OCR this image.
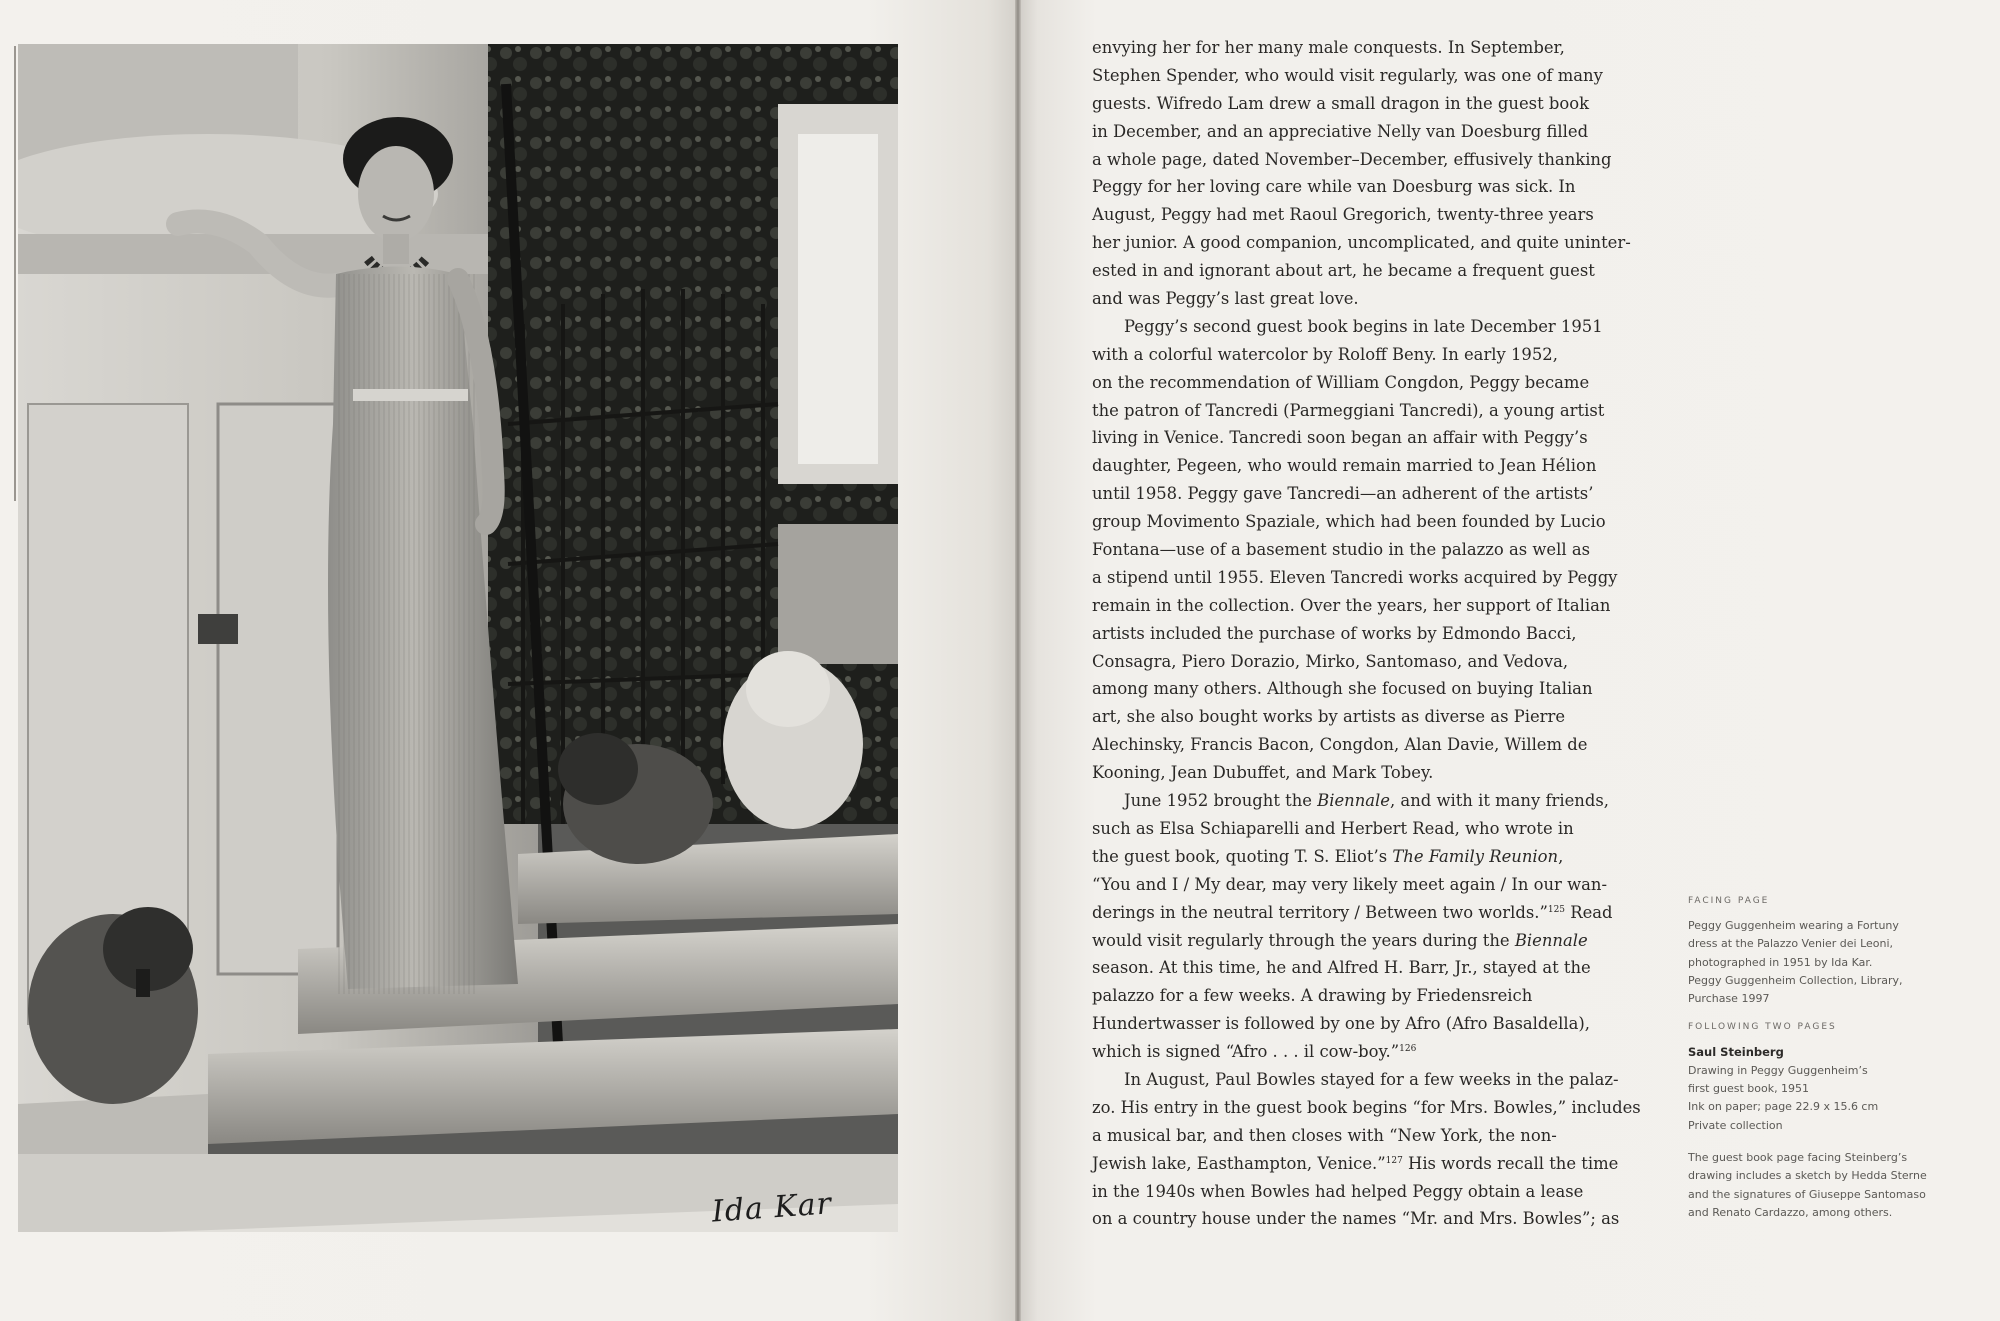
Ida Kar
envying her for her many male conquests. In September,
Stephen Spender, who would visit regularly, was one of many
guests. Wifredo Lam drew a small dragon in the guest book
in December, and an appreciative Nelly van Doesburg filled
a whole page, dated November–December, effusively thanking
Peggy for her loving care while van Doesburg was sick. In
August, Peggy had met Raoul Gregorich, twenty-three years
her junior. A good companion, uncomplicated, and quite uninter-
ested in and ignorant about art, he became a frequent guest
and was Peggy’s last great love.
Peggy’s second guest book begins in late December 1951
with a colorful watercolor by Roloff Beny. In early 1952,
on the recommendation of William Congdon, Peggy became
the patron of Tancredi (Parmeggiani Tancredi), a young artist
living in Venice. Tancredi soon began an affair with Peggy’s
daughter, Pegeen, who would remain married to Jean Hélion
until 1958. Peggy gave Tancredi—an adherent of the artists’
group Movimento Spaziale, which had been founded by Lucio
Fontana—use of a basement studio in the palazzo as well as
a stipend until 1955. Eleven Tancredi works acquired by Peggy
remain in the collection. Over the years, her support of Italian
artists included the purchase of works by Edmondo Bacci,
Consagra, Piero Dorazio, Mirko, Santomaso, and Vedova,
among many others. Although she focused on buying Italian
art, she also bought works by artists as diverse as Pierre
Alechinsky, Francis Bacon, Congdon, Alan Davie, Willem de
Kooning, Jean Dubuffet, and Mark Tobey.
June 1952 brought the Biennale, and with it many friends,
such as Elsa Schiaparelli and Herbert Read, who wrote in
the guest book, quoting T. S. Eliot’s The Family Reunion,
“You and I / My dear, may very likely meet again / In our wan-
derings in the neutral territory / Between two worlds.”$^{125}$ Read
would visit regularly through the years during the Biennale
season. At this time, he and Alfred H. Barr, Jr., stayed at the
palazzo for a few weeks. A drawing by Friedensreich
Hundertwasser is followed by one by Afro (Afro Basaldella),
which is signed “Afro . . . il cow-boy.”$^{126}$
In August, Paul Bowles stayed for a few weeks in the palaz-
zo. His entry in the guest book begins “for Mrs. Bowles,” includes
a musical bar, and then closes with “New York, the non-
Jewish lake, Easthampton, Venice.”$^{127}$ His words recall the time
in the 1940s when Bowles had helped Peggy obtain a lease
on a country house under the names “Mr. and Mrs. Bowles”; as
FACING PAGE
Peggy Guggenheim wearing a Fortuny
dress at the Palazzo Venier dei Leoni,
photographed in 1951 by Ida Kar.
Peggy Guggenheim Collection, Library,
Purchase 1997
FOLLOWING TWO PAGES
Saul Steinberg
Drawing in Peggy Guggenheim’s
first guest book, 1951
Ink on paper; page 22.9 x 15.6 cm
Private collection
The guest book page facing Steinberg’s
drawing includes a sketch by Hedda Sterne
and the signatures of Giuseppe Santomaso
and Renato Cardazzo, among others.
